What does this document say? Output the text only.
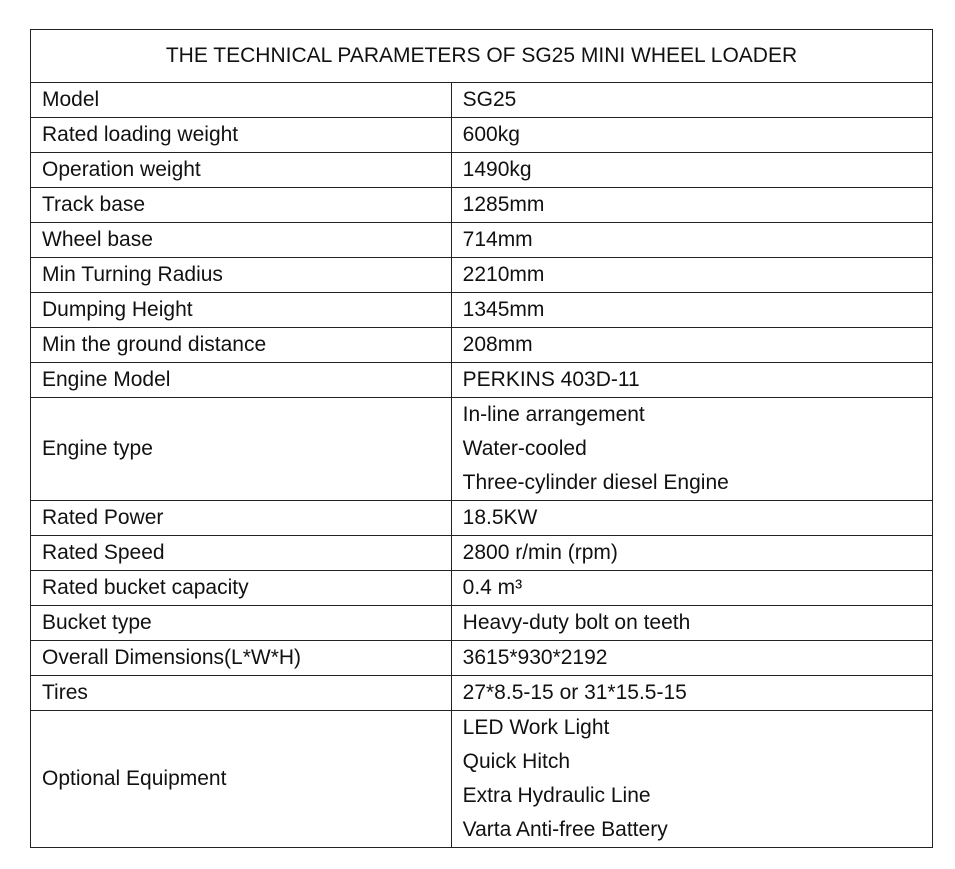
THE TECHNICAL PARAMETERS OF SG25 MINI WHEEL LOADER	
Model	SG25

Rated loading weight	600kg

Operation weight	1490kg

Track base	1285mm

Wheel base	714mm

Min Turning Radius	2210mm

Dumping Height	1345mm

Min the ground distance	208mm

Engine Model	PERKINS 403D-11

Engine type	In-line arrangement
Water-cooled
Three-cylinder diesel Engine

Rated Power	18.5KW

Rated Speed	2800 r/min (rpm)

Rated bucket capacity	0.4 m³

Bucket type	Heavy-duty bolt on teeth

Overall Dimensions(L*W*H)	3615*930*2192

Tires	27*8.5-15 or 31*15.5-15

Optional Equipment	LED Work Light
Quick Hitch
Extra Hydraulic Line
Varta Anti-free Battery
